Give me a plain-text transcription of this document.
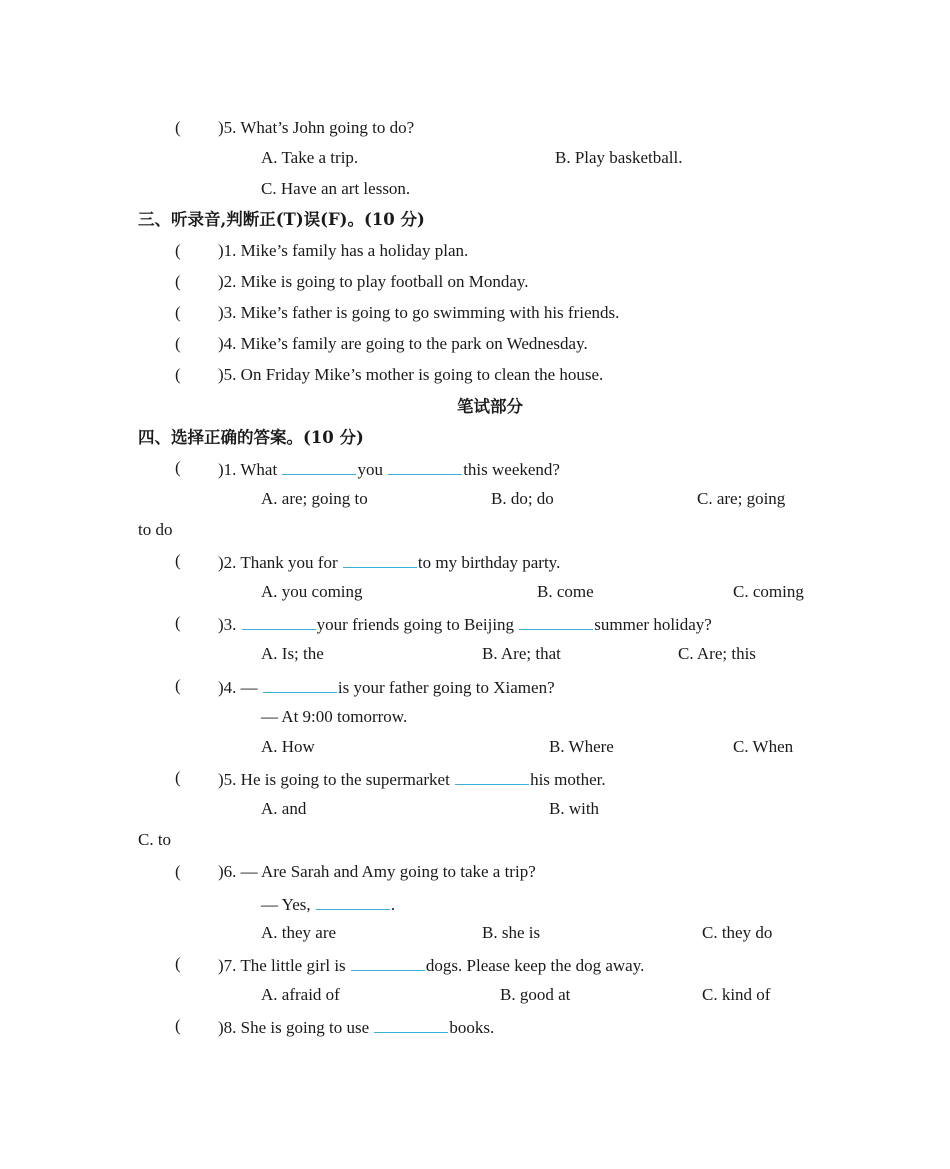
( )5. What’s John going to do?
A. Take a trip.	B. Play basketball.
C. Have an art lesson.
三、听录音,判断正(T)误(F)。(10 分)
( )1. Mike’s family has a holiday plan.
( )2. Mike is going to play football on Monday.
( )3. Mike’s father is going to go swimming with his friends.
( )4. Mike’s family are going to the park on Wednesday.
( )5. On Friday Mike’s mother is going to clean the house.
笔试部分
四、选择正确的答案。(10 分)
( )1. What	you	this weekend?
A. are; going to	B. do; do	C. are; going
to do
( )2. Thank you for	to my birthday party.
A. you coming	B. come	C. coming
( )3.	your friends going to Beijing	summer holiday?
A. Is; the	B. Are; that	C. Are; this
( )4. —	is your father going to Xiamen?
— At 9:00 tomorrow.
A. How	B. Where	C. When
( )5. He is going to the supermarket	his mother.
A. and	B. with
C. to
( )6. — Are Sarah and Amy going to take a trip?
— Yes,	.
A. they are	B. she is	C. they do
( )7. The little girl is	dogs. Please keep the dog away.
A. afraid of	B. good at	C. kind of
( )8. She is going to use	books.
